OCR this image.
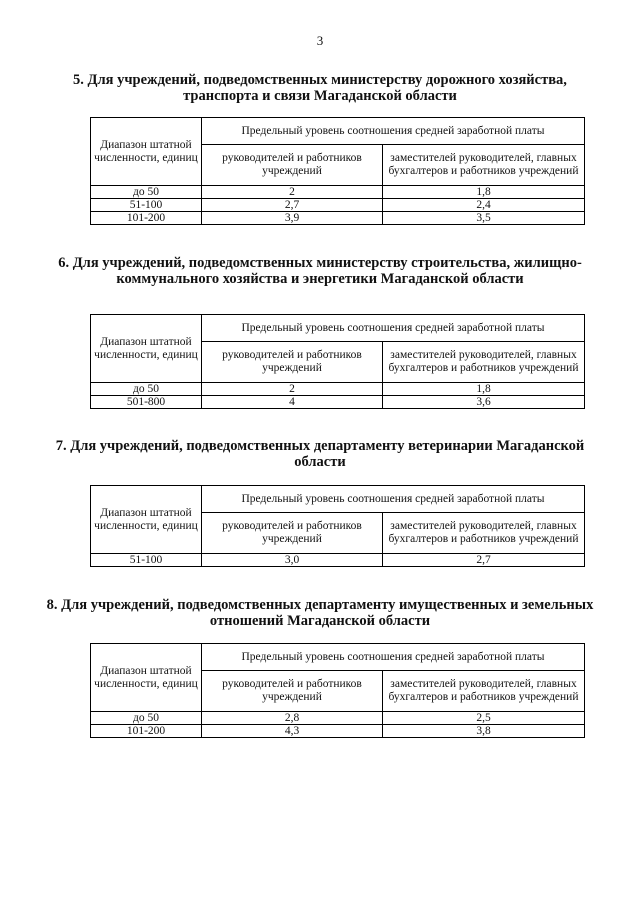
3
5. Для учреждений, подведомственных министерству дорожного хозяйства, транспорта и связи Магаданской области
Диапазон штатной численности, единиц	Предельный уровень соотношения средней заработной платы	
	руководителей и работников учреждений	заместителей руководителей, главных бухгалтеров и работников учреждений
до 50	2	1,8
51-100	2,7	2,4
101-200	3,9	3,5
6. Для учреждений, подведомственных министерству строительства, жилищно-коммунального хозяйства и энергетики Магаданской области
Диапазон штатной численности, единиц	Предельный уровень соотношения средней заработной платы	
	руководителей и работников учреждений	заместителей руководителей, главных бухгалтеров и работников учреждений
до 50	2	1,8
501-800	4	3,6
7. Для учреждений, подведомственных департаменту ветеринарии Магаданской области
Диапазон штатной численности, единиц	Предельный уровень соотношения средней заработной платы	
	руководителей и работников учреждений	заместителей руководителей, главных бухгалтеров и работников учреждений
51-100	3,0	2,7
8. Для учреждений, подведомственных департаменту имущественных и земельных отношений Магаданской области
Диапазон штатной численности, единиц	Предельный уровень соотношения средней заработной платы	
	руководителей и работников учреждений	заместителей руководителей, главных бухгалтеров и работников учреждений
до 50	2,8	2,5
101-200	4,3	3,8
